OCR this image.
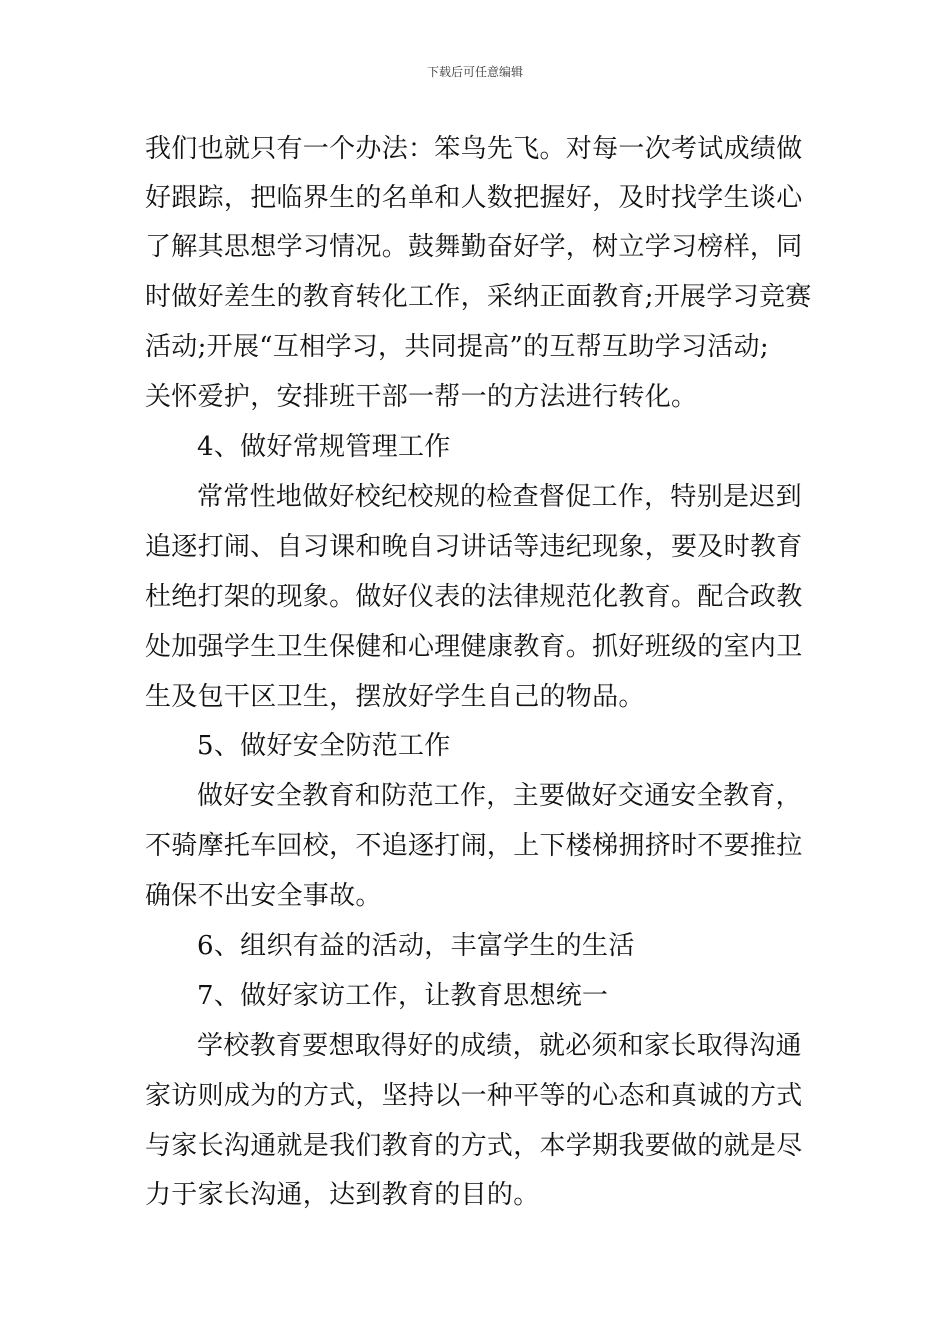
下载后可任意编辑
我们也就只有一个办法：笨鸟先飞。对每一次考试成绩做
好跟踪，把临界生的名单和人数把握好，及时找学生谈心
了解其思想学习情况。鼓舞勤奋好学，树立学习榜样，同
时做好差生的教育转化工作，采纳正面教育;开展学习竞赛
活动;开展“互相学习，共同提高”的互帮互助学习活动;
关怀爱护，安排班干部一帮一的方法进行转化。
4、做好常规管理工作
常常性地做好校纪校规的检查督促工作，特别是迟到
追逐打闹、自习课和晚自习讲话等违纪现象，要及时教育
杜绝打架的现象。做好仪表的法律规范化教育。配合政教
处加强学生卫生保健和心理健康教育。抓好班级的室内卫
生及包干区卫生，摆放好学生自己的物品。
5、做好安全防范工作
做好安全教育和防范工作，主要做好交通安全教育，
不骑摩托车回校，不追逐打闹，上下楼梯拥挤时不要推拉
确保不出安全事故。
6、组织有益的活动，丰富学生的生活
7、做好家访工作，让教育思想统一
学校教育要想取得好的成绩，就必须和家长取得沟通
家访则成为的方式，坚持以一种平等的心态和真诚的方式
与家长沟通就是我们教育的方式，本学期我要做的就是尽
力于家长沟通，达到教育的目的。
